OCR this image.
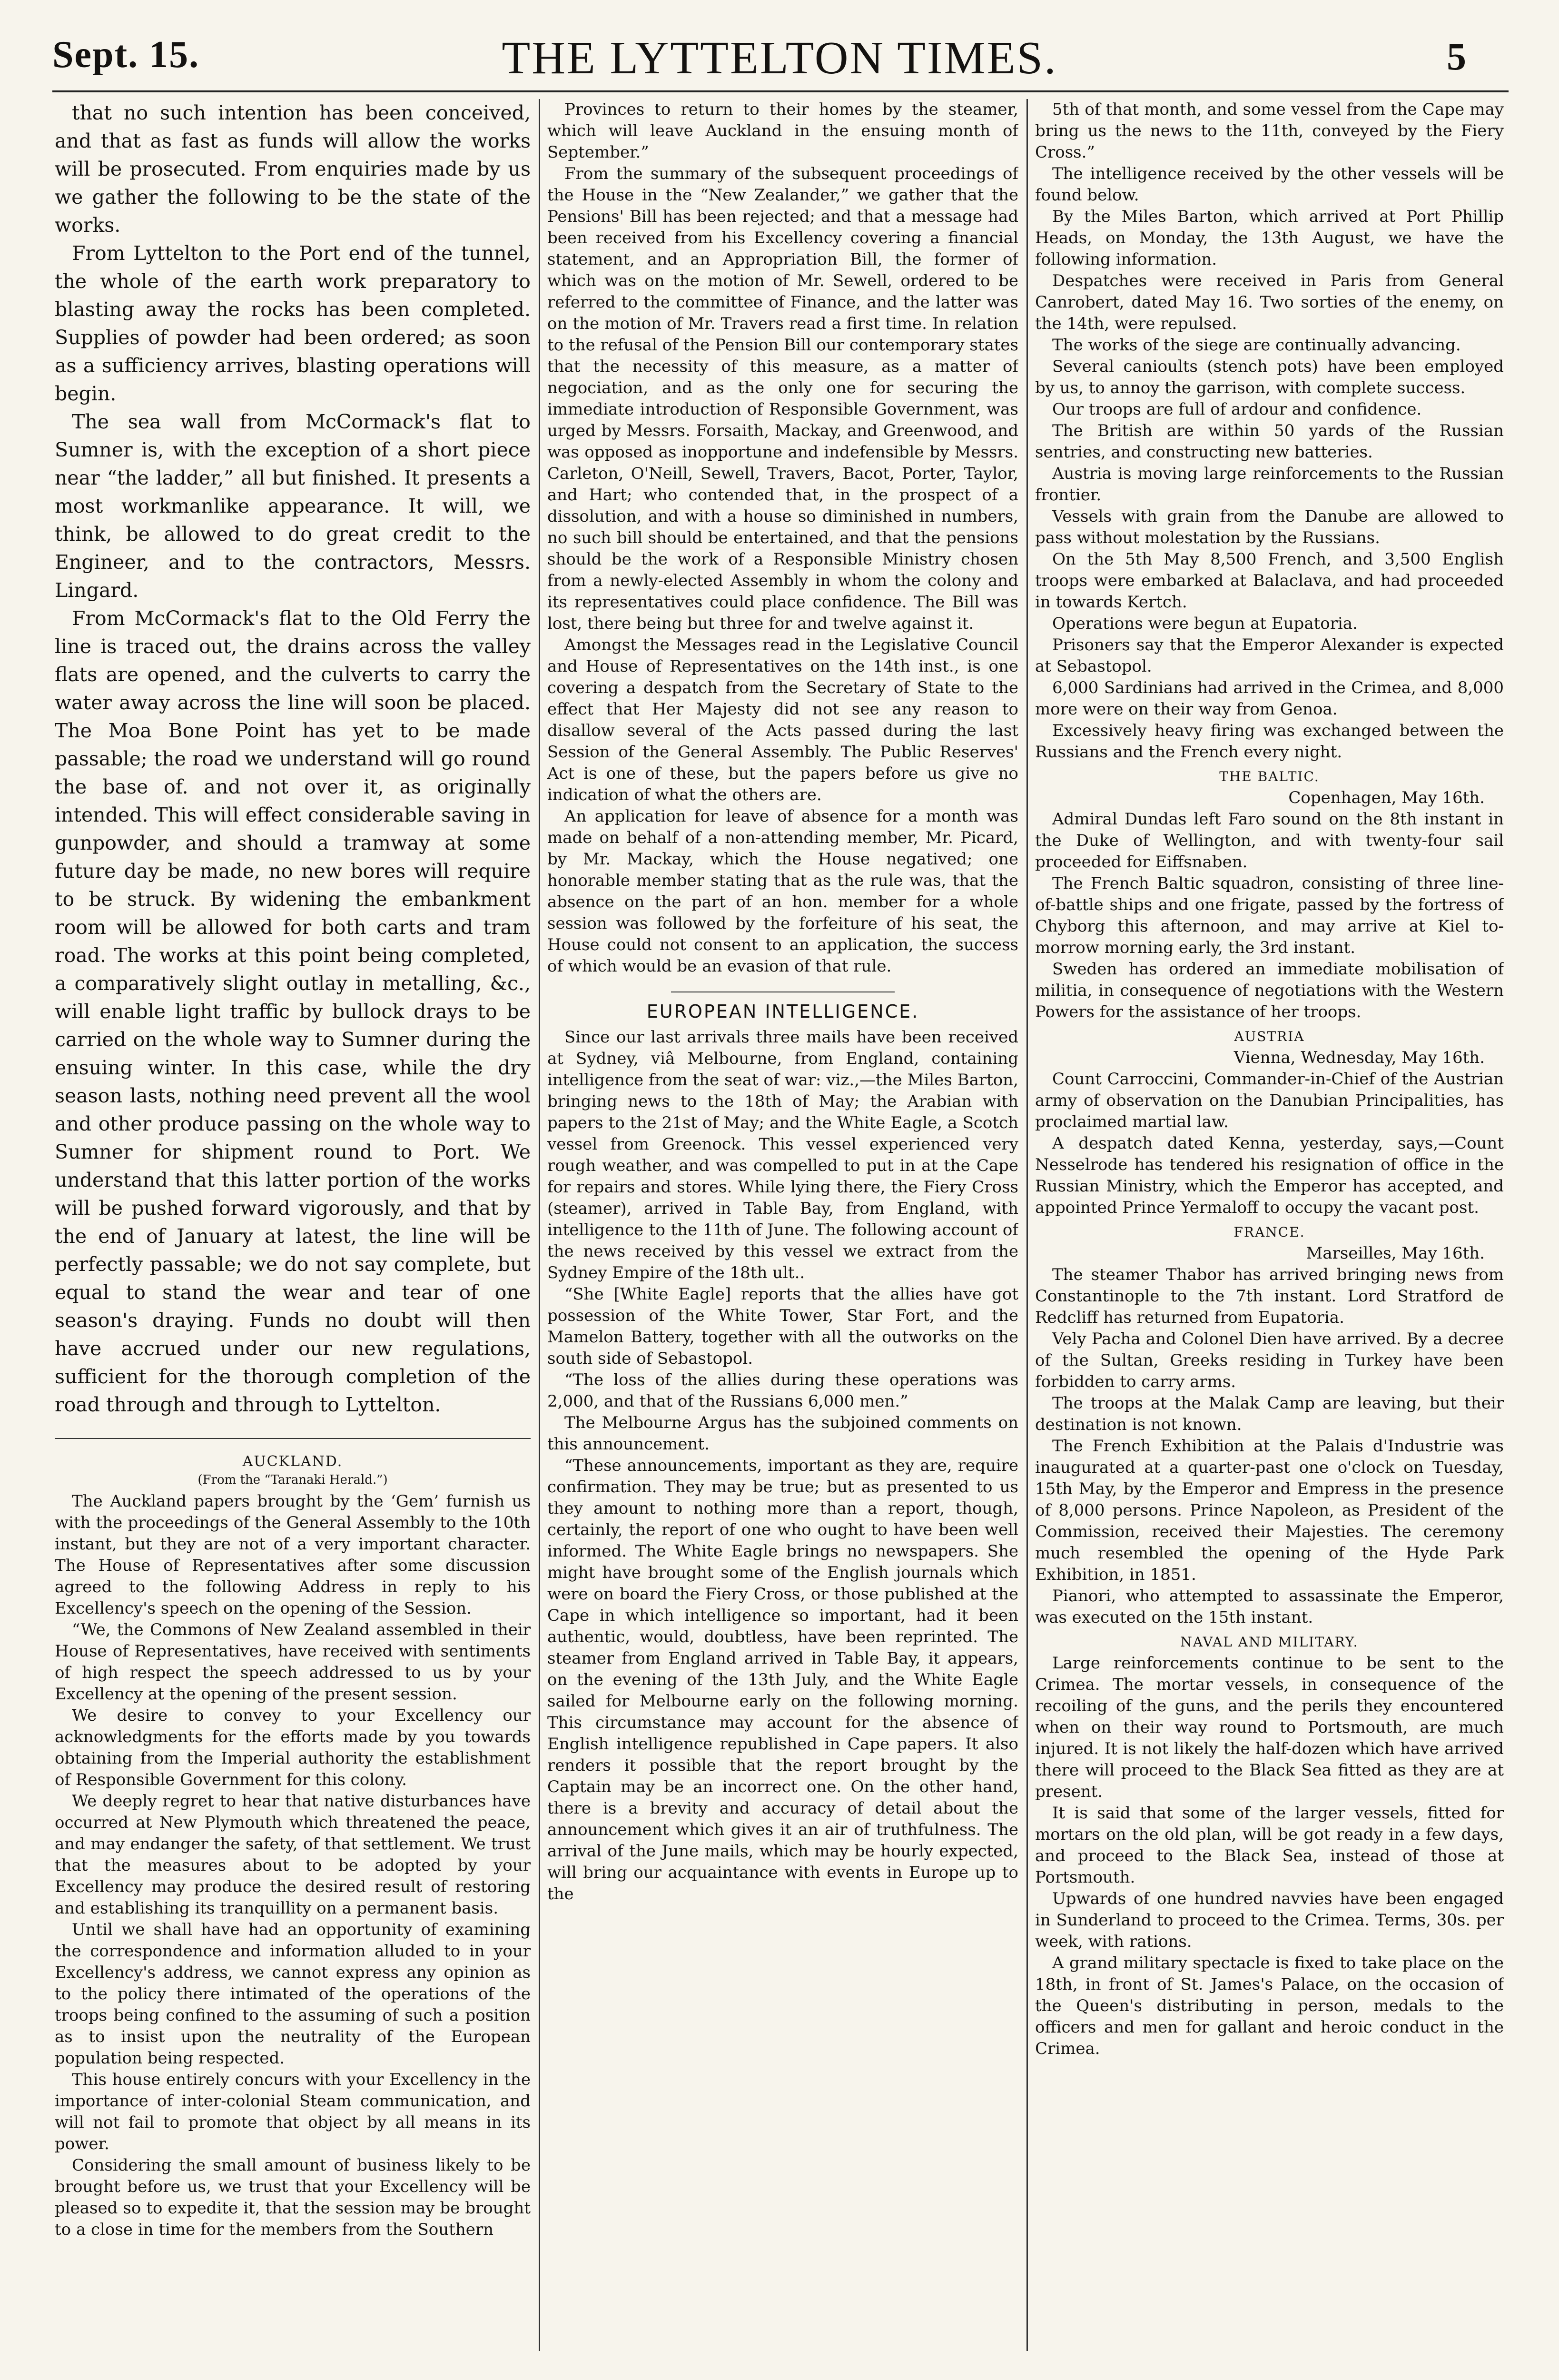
Sept. 15.	THE LYTTELTON TIMES.	5

that no such intention has been conceived, and that as fast as funds will allow the works will be prosecuted. From enquiries made by us we gather the following to be the state of the works.

From Lyttelton to the Port end of the tunnel, the whole of the earth work preparatory to blasting away the rocks has been completed. Supplies of powder had been ordered; as soon as a sufficiency arrives, blasting operations will begin.

The sea wall from McCormack's flat to Sumner is, with the exception of a short piece near “the ladder,” all but finished. It presents a most workmanlike appearance. It will, we think, be allowed to do great credit to the Engineer, and to the contractors, Messrs. Lingard.

From McCormack's flat to the Old Ferry the line is traced out, the drains across the valley flats are opened, and the culverts to carry the water away across the line will soon be placed. The Moa Bone Point has yet to be made passable; the road we understand will go round the base of. and not over it, as originally intended. This will effect considerable saving in gunpowder, and should a tramway at some future day be made, no new bores will require to be struck. By widening the embankment room will be allowed for both carts and tram road. The works at this point being completed, a comparatively slight outlay in metalling, &c., will enable light traffic by bullock drays to be carried on the whole way to Sumner during the ensuing winter. In this case, while the dry season lasts, nothing need prevent all the wool and other produce passing on the whole way to Sumner for shipment round to Port. We understand that this latter portion of the works will be pushed forward vigorously, and that by the end of January at latest, the line will be perfectly passable; we do not say complete, but equal to stand the wear and tear of one season's draying. Funds no doubt will then have accrued under our new regulations, sufficient for the thorough completion of the road through and through to Lyttelton.

AUCKLAND.
(From the “Taranaki Herald.”)

The Auckland papers brought by the ‘Gem’ furnish us with the proceedings of the General Assembly to the 10th instant, but they are not of a very important character. The House of Representatives after some discussion agreed to the following Address in reply to his Excellency's speech on the opening of the Session.

“We, the Commons of New Zealand assembled in their House of Representatives, have received with sentiments of high respect the speech addressed to us by your Excellency at the opening of the present session.

We desire to convey to your Excellency our acknowledgments for the efforts made by you towards obtaining from the Imperial authority the establishment of Responsible Government for this colony.

We deeply regret to hear that native disturbances have occurred at New Plymouth which threatened the peace, and may endanger the safety, of that settlement. We trust that the measures about to be adopted by your Excellency may produce the desired result of restoring and establishing its tranquillity on a permanent basis.

Until we shall have had an opportunity of examining the correspondence and information alluded to in your Excellency's address, we cannot express any opinion as to the policy there intimated of the operations of the troops being confined to the assuming of such a position as to insist upon the neutrality of the European population being respected.

This house entirely concurs with your Excellency in the importance of inter-colonial Steam communication, and will not fail to promote that object by all means in its power.

Considering the small amount of business likely to be brought before us, we trust that your Excellency will be pleased so to expedite it, that the session may be brought to a close in time for the members from the Southern

Provinces to return to their homes by the steamer, which will leave Auckland in the ensuing month of September.”

From the summary of the subsequent proceedings of the House in the “New Zealander,” we gather that the Pensions' Bill has been rejected; and that a message had been received from his Excellency covering a financial statement, and an Appropriation Bill, the former of which was on the motion of Mr. Sewell, ordered to be referred to the committee of Finance, and the latter was on the motion of Mr. Travers read a first time. In relation to the refusal of the Pension Bill our contemporary states that the necessity of this measure, as a matter of negociation, and as the only one for securing the immediate introduction of Responsible Government, was urged by Messrs. Forsaith, Mackay, and Greenwood, and was opposed as inopportune and indefensible by Messrs. Carleton, O'Neill, Sewell, Travers, Bacot, Porter, Taylor, and Hart; who contended that, in the prospect of a dissolution, and with a house so diminished in numbers, no such bill should be entertained, and that the pensions should be the work of a Responsible Ministry chosen from a newly-elected Assembly in whom the colony and its representatives could place confidence. The Bill was lost, there being but three for and twelve against it.

Amongst the Messages read in the Legislative Council and House of Representatives on the 14th inst., is one covering a despatch from the Secretary of State to the effect that Her Majesty did not see any reason to disallow several of the Acts passed during the last Session of the General Assembly. The Public Reserves' Act is one of these, but the papers before us give no indication of what the others are.

An application for leave of absence for a month was made on behalf of a non-attending member, Mr. Picard, by Mr. Mackay, which the House negatived; one honorable member stating that as the rule was, that the absence on the part of an hon. member for a whole session was followed by the forfeiture of his seat, the House could not consent to an application, the success of which would be an evasion of that rule.

EUROPEAN INTELLIGENCE.

Since our last arrivals three mails have been received at Sydney, viâ Melbourne, from England, containing intelligence from the seat of war: viz.,—the Miles Barton, bringing news to the 18th of May; the Arabian with papers to the 21st of May; and the White Eagle, a Scotch vessel from Greenock. This vessel experienced very rough weather, and was compelled to put in at the Cape for repairs and stores. While lying there, the Fiery Cross (steamer), arrived in Table Bay, from England, with intelligence to the 11th of June. The following account of the news received by this vessel we extract from the Sydney Empire of the 18th ult..

“She [White Eagle] reports that the allies have got possession of the White Tower, Star Fort, and the Mamelon Battery, together with all the outworks on the south side of Sebastopol.

“The loss of the allies during these operations was 2,000, and that of the Russians 6,000 men.”

The Melbourne Argus has the subjoined comments on this announcement.

“These announcements, important as they are, require confirmation. They may be true; but as presented to us they amount to nothing more than a report, though, certainly, the report of one who ought to have been well informed. The White Eagle brings no newspapers. She might have brought some of the English journals which were on board the Fiery Cross, or those published at the Cape in which intelligence so important, had it been authentic, would, doubtless, have been reprinted. The steamer from England arrived in Table Bay, it appears, on the evening of the 13th July, and the White Eagle sailed for Melbourne early on the following morning. This circumstance may account for the absence of English intelligence republished in Cape papers. It also renders it possible that the report brought by the Captain may be an incorrect one. On the other hand, there is a brevity and accuracy of detail about the announcement which gives it an air of truthfulness. The arrival of the June mails, which may be hourly expected, will bring our acquaintance with events in Europe up to the

5th of that month, and some vessel from the Cape may bring us the news to the 11th, conveyed by the Fiery Cross.”

The intelligence received by the other vessels will be found below.

By the Miles Barton, which arrived at Port Phillip Heads, on Monday, the 13th August, we have the following information.

Despatches were received in Paris from General Canrobert, dated May 16. Two sorties of the enemy, on the 14th, were repulsed.

The works of the siege are continually advancing.

Several canioults (stench pots) have been employed by us, to annoy the garrison, with complete success.

Our troops are full of ardour and confidence.

The British are within 50 yards of the Russian sentries, and constructing new batteries.

Austria is moving large reinforcements to the Russian frontier.

Vessels with grain from the Danube are allowed to pass without molestation by the Russians.

On the 5th May 8,500 French, and 3,500 English troops were embarked at Balaclava, and had proceeded in towards Kertch.

Operations were begun at Eupatoria.

Prisoners say that the Emperor Alexander is expected at Sebastopol.

6,000 Sardinians had arrived in the Crimea, and 8,000 more were on their way from Genoa.

Excessively heavy firing was exchanged between the Russians and the French every night.

THE BALTIC.

Copenhagen, May 16th.

Admiral Dundas left Faro sound on the 8th instant in the Duke of Wellington, and with twenty-four sail proceeded for Eiffsnaben.

The French Baltic squadron, consisting of three line-of-battle ships and one frigate, passed by the fortress of Chyborg this afternoon, and may arrive at Kiel to-morrow morning early, the 3rd instant.

Sweden has ordered an immediate mobilisation of militia, in consequence of negotiations with the Western Powers for the assistance of her troops.

AUSTRIA

Vienna, Wednesday, May 16th.

Count Carroccini, Commander-in-Chief of the Austrian army of observation on the Danubian Principalities, has proclaimed martial law.

A despatch dated Kenna, yesterday, says,—Count Nesselrode has tendered his resignation of office in the Russian Ministry, which the Emperor has accepted, and appointed Prince Yermaloff to occupy the vacant post.

FRANCE.

Marseilles, May 16th.

The steamer Thabor has arrived bringing news from Constantinople to the 7th instant. Lord Stratford de Redcliff has returned from Eupatoria.

Vely Pacha and Colonel Dien have arrived. By a decree of the Sultan, Greeks residing in Turkey have been forbidden to carry arms.

The troops at the Malak Camp are leaving, but their destination is not known.

The French Exhibition at the Palais d'Industrie was inaugurated at a quarter-past one o'clock on Tuesday, 15th May, by the Emperor and Empress in the presence of 8,000 persons. Prince Napoleon, as President of the Commission, received their Majesties. The ceremony much resembled the opening of the Hyde Park Exhibition, in 1851.

Pianori, who attempted to assassinate the Emperor, was executed on the 15th instant.

NAVAL AND MILITARY.

Large reinforcements continue to be sent to the Crimea. The mortar vessels, in consequence of the recoiling of the guns, and the perils they encountered when on their way round to Portsmouth, are much injured. It is not likely the half-dozen which have arrived there will proceed to the Black Sea fitted as they are at present.

It is said that some of the larger vessels, fitted for mortars on the old plan, will be got ready in a few days, and proceed to the Black Sea, instead of those at Portsmouth.

Upwards of one hundred navvies have been engaged in Sunderland to proceed to the Crimea. Terms, 30s. per week, with rations.

A grand military spectacle is fixed to take place on the 18th, in front of St. James's Palace, on the occasion of the Queen's distributing in person, medals to the officers and men for gallant and heroic conduct in the Crimea.
